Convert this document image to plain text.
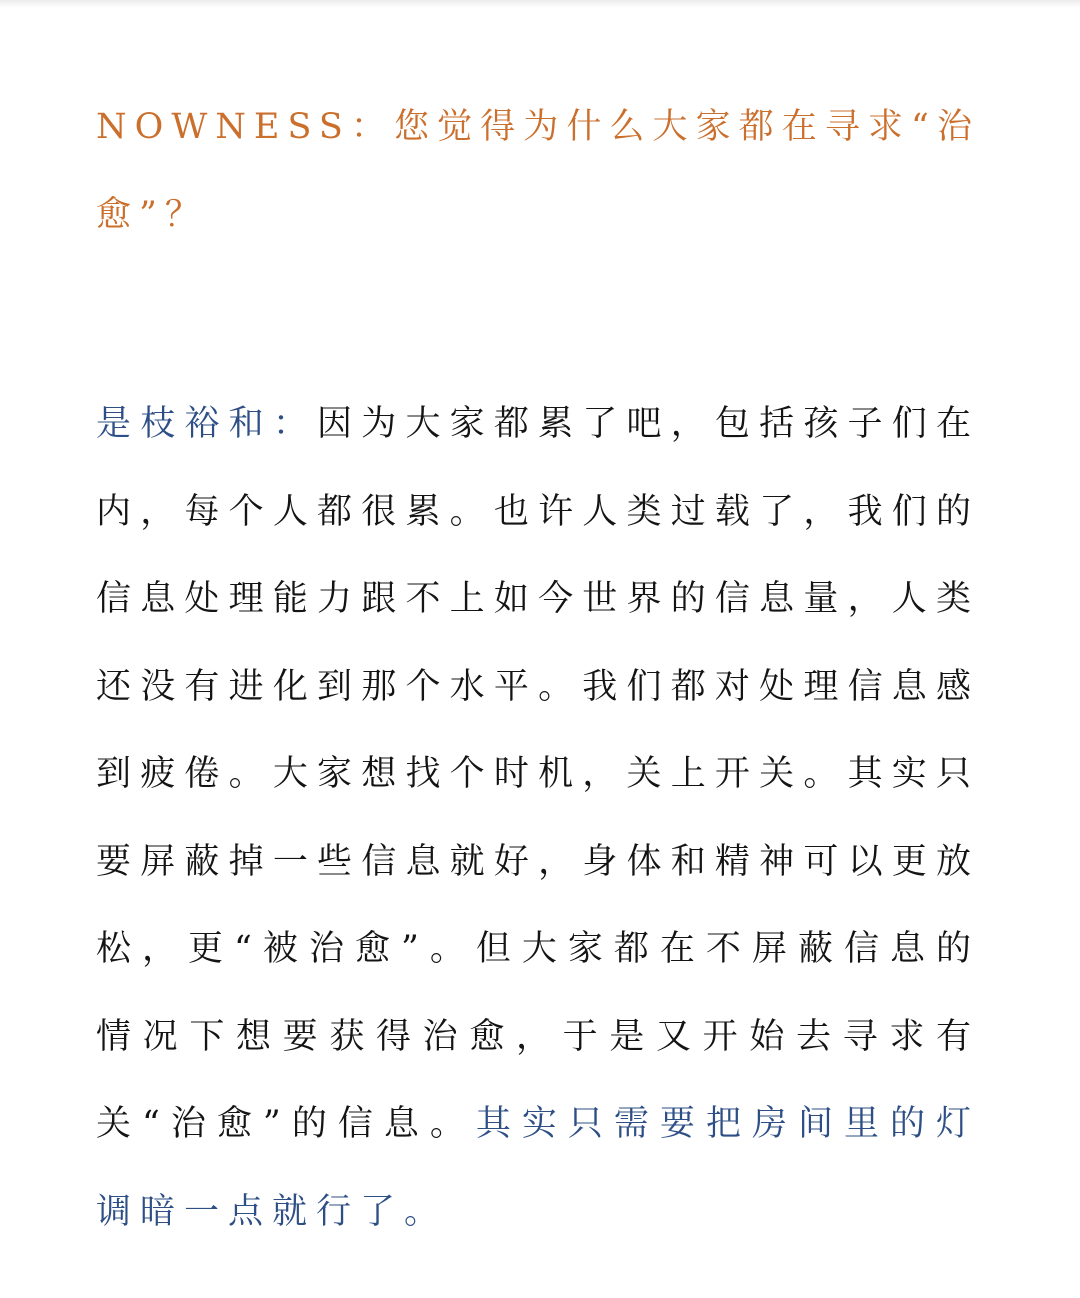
NOWNESS：您觉得为什么大家都在寻求“治愈”？

是枝裕和：因为大家都累了吧，包括孩子们在内，每个人都很累。也许人类过载了，我们的信息处理能力跟不上如今世界的信息量，人类还没有进化到那个水平。我们都对处理信息感到疲倦。大家想找个时机，关上开关。其实只要屏蔽掉一些信息就好，身体和精神可以更放松，更“被治愈”。但大家都在不屏蔽信息的情况下想要获得治愈，于是又开始去寻求有关“治愈”的信息。其实只需要把房间里的灯调暗一点就行了。
